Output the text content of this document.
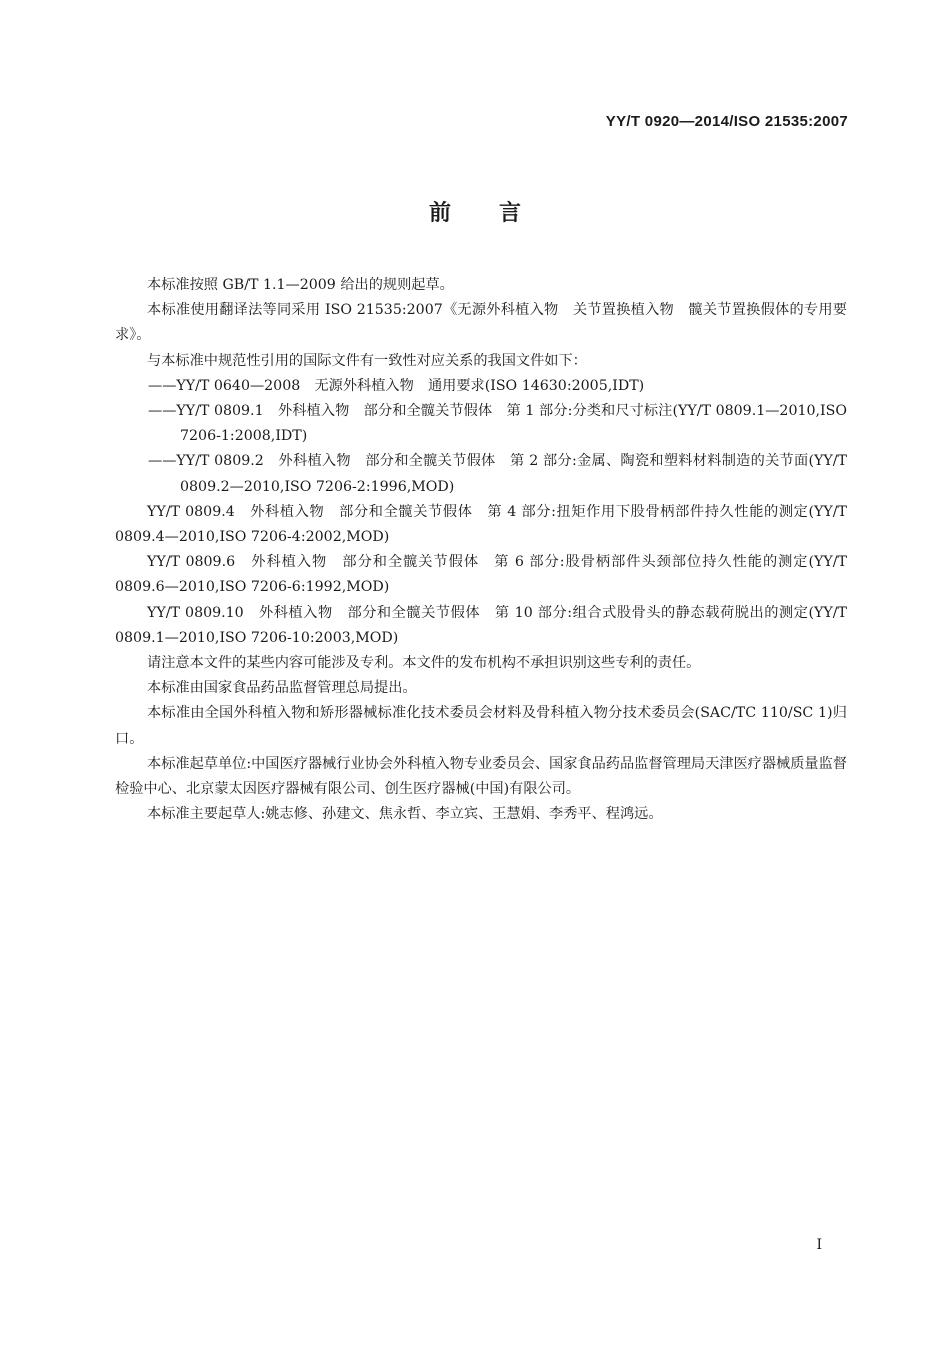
YY/T 0920—2014/ISO 21535:2007
前言

本标准按照 GB/T 1.1—2009 给出的规则起草。

本标准使用翻译法等同采用 ISO 21535:2007《无源外科植入物　关节置换植入物　髋关节置换假体的专用要求》。

与本标准中规范性引用的国际文件有一致性对应关系的我国文件如下：

——YY/T 0640—2008　无源外科植入物　通用要求(ISO 14630:2005,IDT)

——YY/T 0809.1　外科植入物　部分和全髋关节假体　第 1 部分:分类和尺寸标注(YY/T 0809.1—2010,ISO 7206-1:2008,IDT)

——YY/T 0809.2　外科植入物　部分和全髋关节假体　第 2 部分:金属、陶瓷和塑料材料制造的关节面(YY/T 0809.2—2010,ISO 7206-2:1996,MOD)

YY/T 0809.4　外科植入物　部分和全髋关节假体　第 4 部分:扭矩作用下股骨柄部件持久性能的测定(YY/T 0809.4—2010,ISO 7206-4:2002,MOD)

YY/T 0809.6　外科植入物　部分和全髋关节假体　第 6 部分:股骨柄部件头颈部位持久性能的测定(YY/T 0809.6—2010,ISO 7206-6:1992,MOD)

YY/T 0809.10　外科植入物　部分和全髋关节假体　第 10 部分:组合式股骨头的静态载荷脱出的测定(YY/T 0809.1—2010,ISO 7206-10:2003,MOD)

请注意本文件的某些内容可能涉及专利。本文件的发布机构不承担识别这些专利的责任。

本标准由国家食品药品监督管理总局提出。

本标准由全国外科植入物和矫形器械标准化技术委员会材料及骨科植入物分技术委员会(SAC/TC 110/SC 1)归口。

本标准起草单位:中国医疗器械行业协会外科植入物专业委员会、国家食品药品监督管理局天津医疗器械质量监督检验中心、北京蒙太因医疗器械有限公司、创生医疗器械(中国)有限公司。

本标准主要起草人:姚志修、孙建文、焦永哲、李立宾、王慧娟、李秀平、程鸿远。

I
